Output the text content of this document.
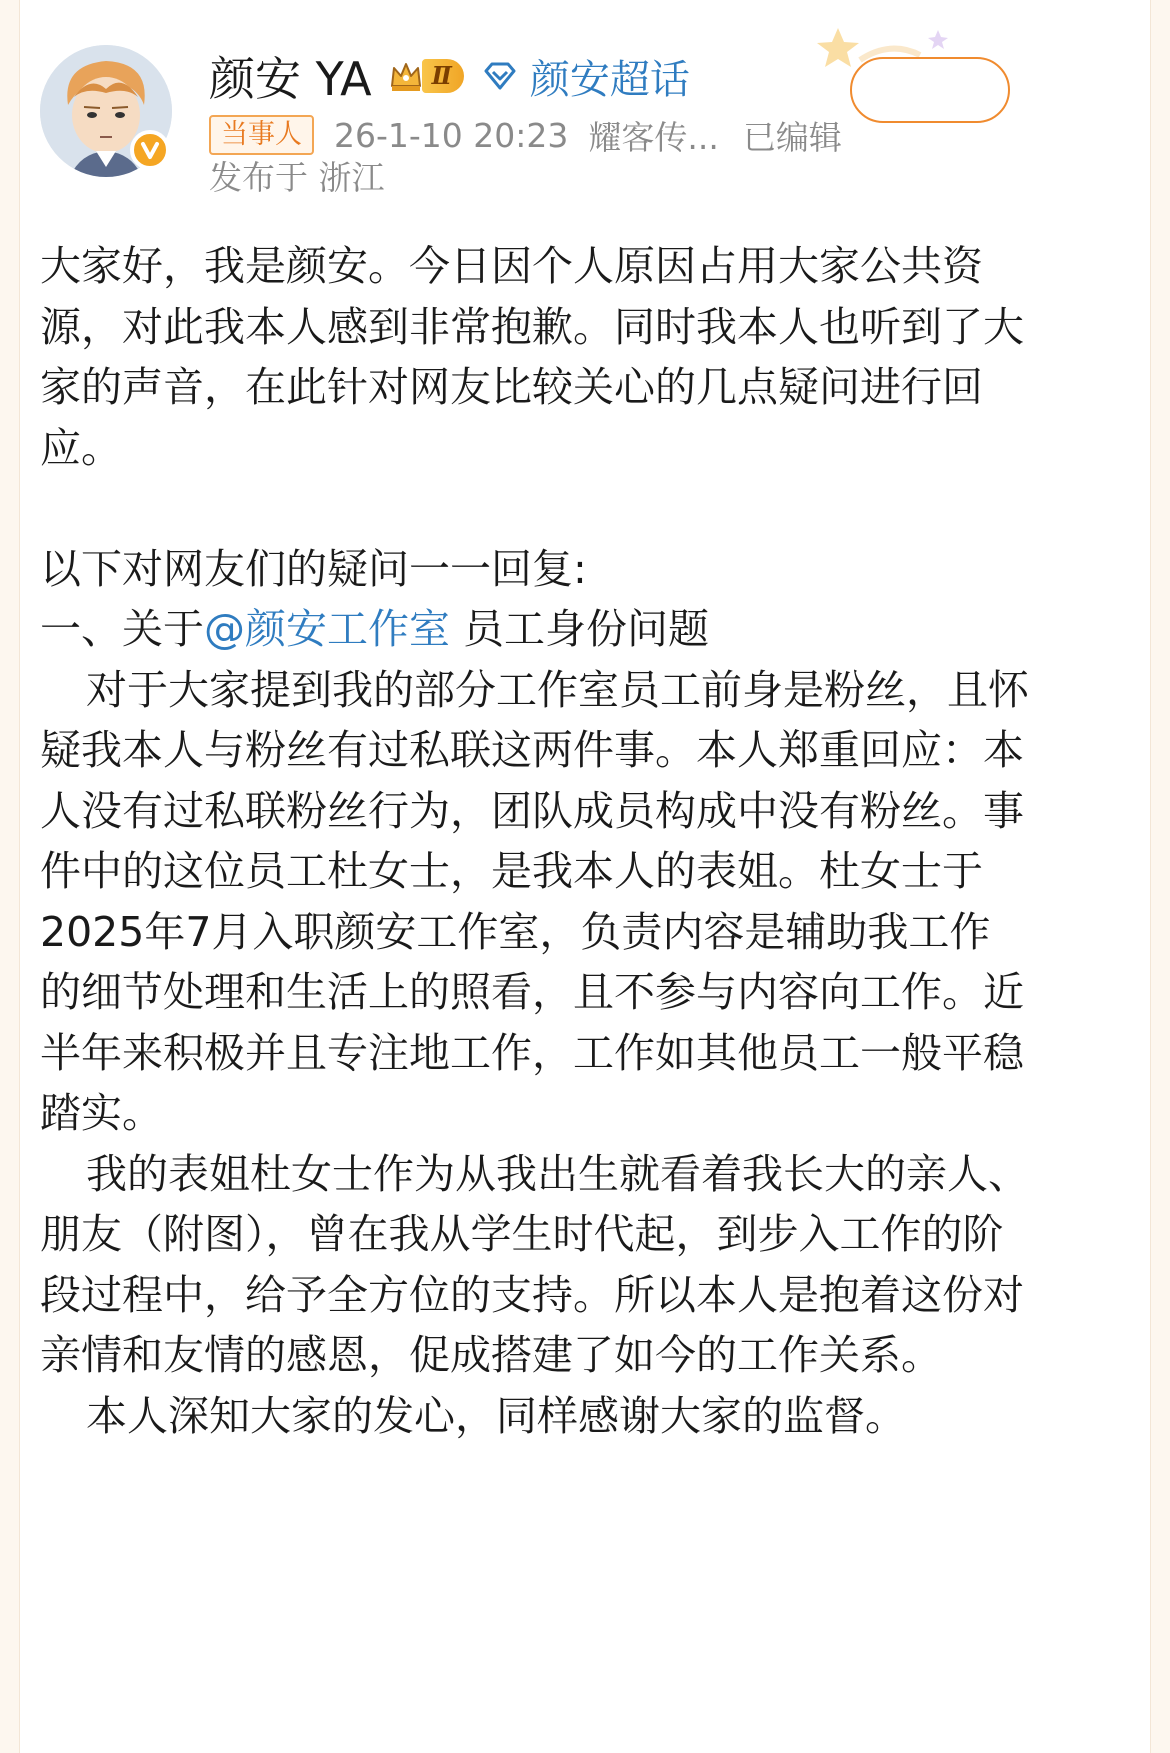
颜安 YA	Ⅱ	颜安超话
当事人 26-1-10 20:23 耀客传... 已编辑
发布于 浙江

大家好，我是颜安。今日因个人原因占用大家公共资源，对此我本人感到非常抱歉。同时我本人也听到了大家的声音，在此针对网友比较关心的几点疑问进行回应。

以下对网友们的疑问一一回复:

一、关于@颜安工作室 员工身份问题

对于大家提到我的部分工作室员工前身是粉丝，且怀疑我本人与粉丝有过私联这两件事。本人郑重回应：本人没有过私联粉丝行为，团队成员构成中没有粉丝。事件中的这位员工杜女士，是我本人的表姐。杜女士于2025年7月入职颜安工作室，负责内容是辅助我工作的细节处理和生活上的照看，且不参与内容向工作。近半年来积极并且专注地工作，工作如其他员工一般平稳踏实。

我的表姐杜女士作为从我出生就看着我长大的亲人、朋友（附图），曾在我从学生时代起，到步入工作的阶段过程中，给予全方位的支持。所以本人是抱着这份对亲情和友情的感恩，促成搭建了如今的工作关系。

本人深知大家的发心，同样感谢大家的监督。
